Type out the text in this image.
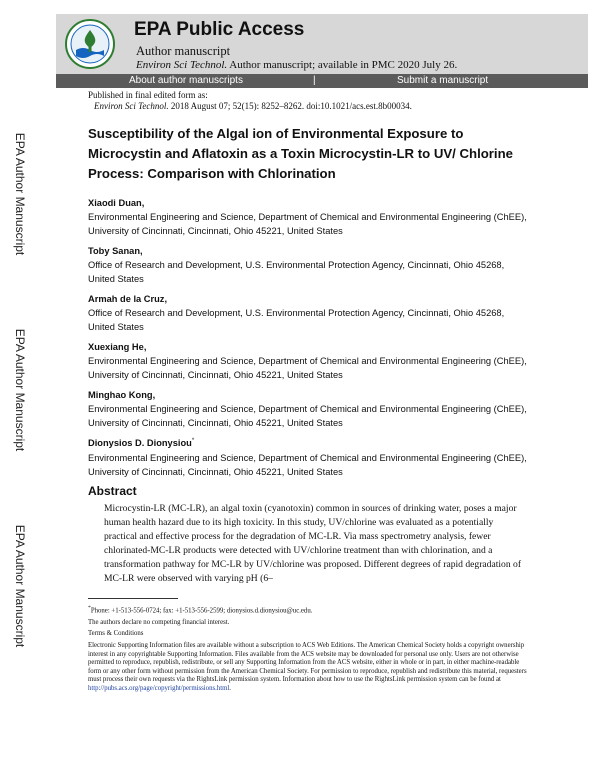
EPA Public Access
Author manuscript
Environ Sci Technol. Author manuscript; available in PMC 2020 July 26.
About author manuscripts	|	Submit a manuscript
Published in final edited form as:
Environ Sci Technol. 2018 August 07; 52(15): 8252–8262. doi:10.1021/acs.est.8b00034.
EPA Author Manuscript
EPA Author Manuscript
EPA Author Manuscript
Susceptibility of the Algal ion of Environmental Exposure to Microcystin and Aflatoxin as a Toxin Microcystin-LR to UV/ Chlorine Process: Comparison with Chlorination
Xiaodi Duan,
Environmental Engineering and Science, Department of Chemical and Environmental Engineering (ChEE), University of Cincinnati, Cincinnati, Ohio 45221, United States
Toby Sanan,
Office of Research and Development, U.S. Environmental Protection Agency, Cincinnati, Ohio 45268, United States
Armah de la Cruz,
Office of Research and Development, U.S. Environmental Protection Agency, Cincinnati, Ohio 45268, United States
Xuexiang He,
Environmental Engineering and Science, Department of Chemical and Environmental Engineering (ChEE), University of Cincinnati, Cincinnati, Ohio 45221, United States
Minghao Kong,
Environmental Engineering and Science, Department of Chemical and Environmental Engineering (ChEE), University of Cincinnati, Cincinnati, Ohio 45221, United States
Dionysios D. Dionysiou*
Environmental Engineering and Science, Department of Chemical and Environmental Engineering (ChEE), University of Cincinnati, Cincinnati, Ohio 45221, United States
Abstract
Microcystin-LR (MC-LR), an algal toxin (cyanotoxin) common in sources of drinking water, poses a major human health hazard due to its high toxicity. In this study, UV/chlorine was evaluated as a potentially practical and effective process for the degradation of MC-LR. Via mass spectrometry analysis, fewer chlorinated-MC-LR products were detected with UV/chlorine treatment than with chlorination, and a transformation pathway for MC-LR by UV/chlorine was proposed. Different degrees of rapid degradation of MC-LR were observed with varying pH (6–

*Phone: +1-513-556-0724; fax: +1-513-556-2599; dionysios.d.dionysiou@uc.edu.

The authors declare no competing financial interest.

Terms & Conditions

Electronic Supporting Information files are available without a subscription to ACS Web Editions. The American Chemical Society holds a copyright ownership interest in any copyrightable Supporting Information. Files available from the ACS website may be downloaded for personal use only. Users are not otherwise permitted to reproduce, republish, redistribute, or sell any Supporting Information from the ACS website, either in whole or in part, in either machine-readable form or any other form without permission from the American Chemical Society. For permission to reproduce, republish and redistribute this material, requesters must process their own requests via the RightsLink permission system. Information about how to use the RightsLink permission system can be found at http://pubs.acs.org/page/copyright/permissions.html.
